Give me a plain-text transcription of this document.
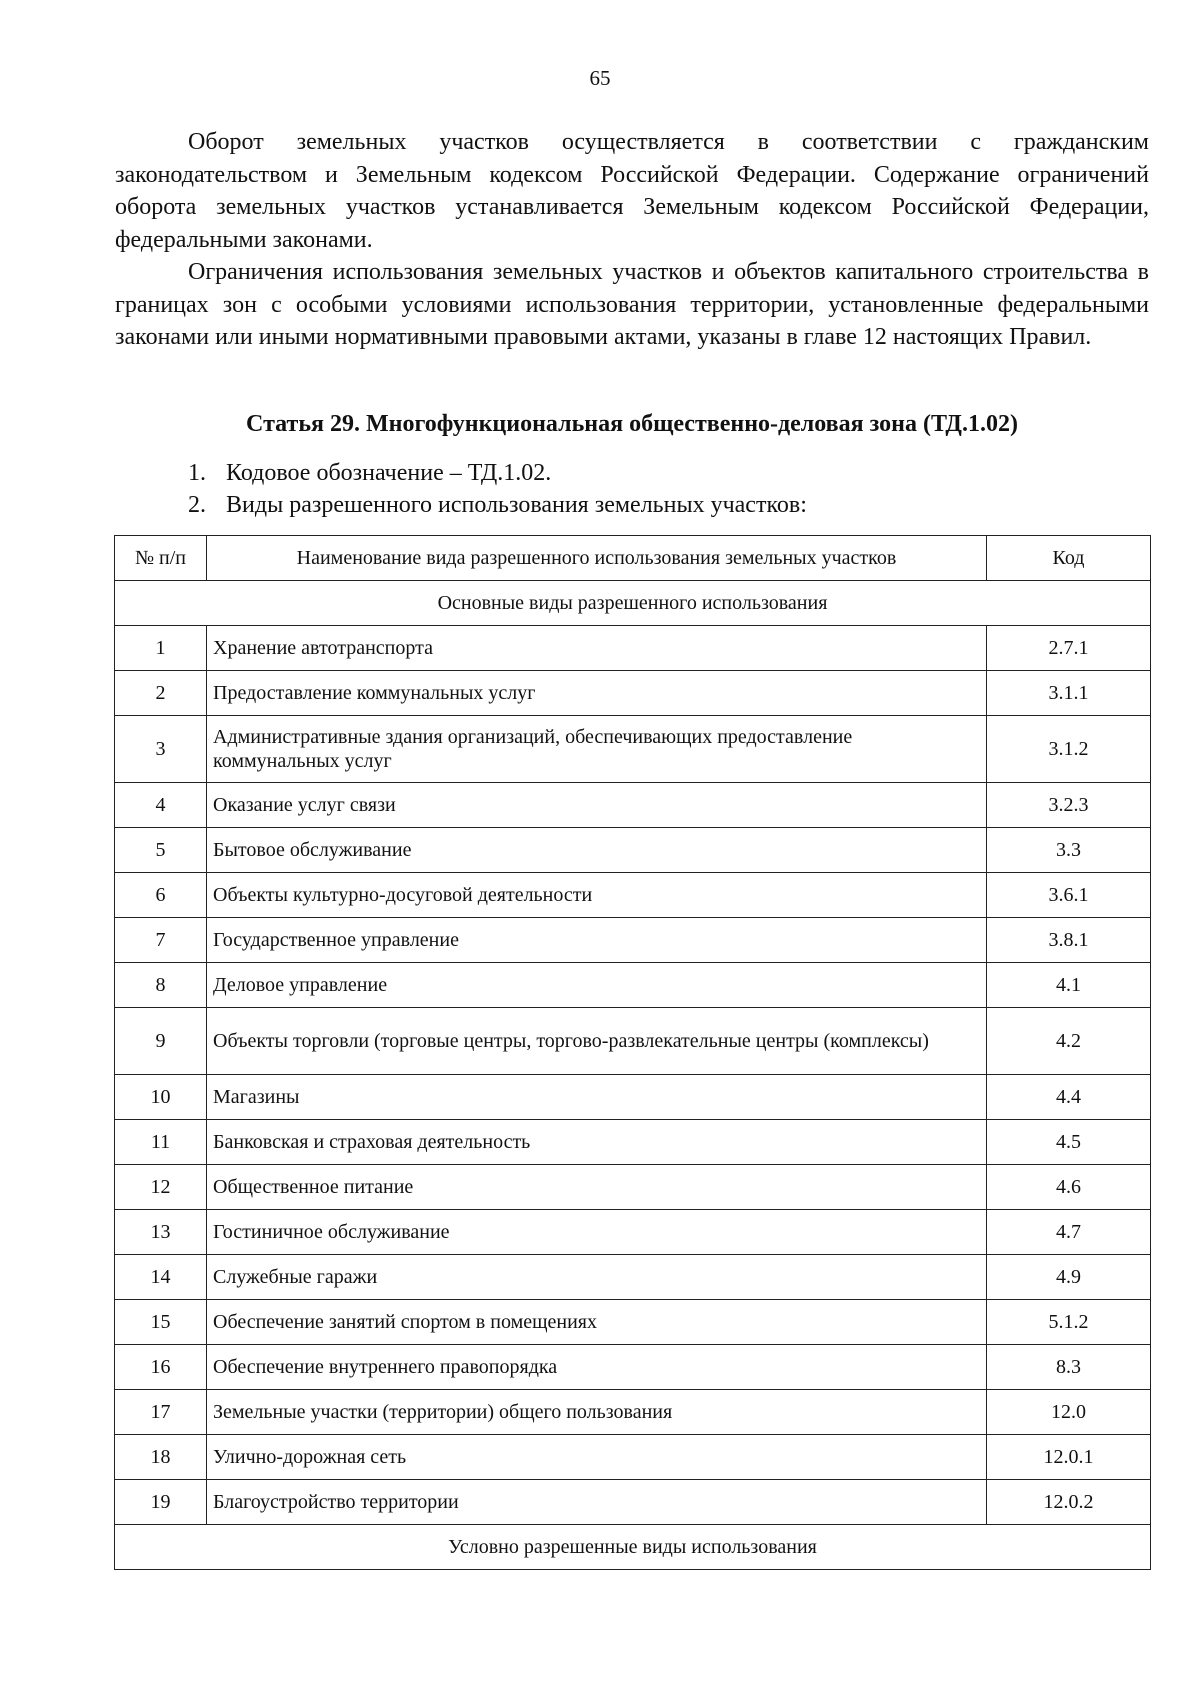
65

Оборот земельных участков осуществляется в соответствии с гражданским законодательством и Земельным кодексом Российской Федерации. Содержание ограничений оборота земельных участков устанавливается Земельным кодексом Российской Федерации, федеральными законами.

Ограничения использования земельных участков и объектов капитального строительства в границах зон с особыми условиями использования территории, установленные федеральными законами или иными нормативными правовыми актами, указаны в главе 12 настоящих Правил.

Статья 29. Многофункциональная общественно-деловая зона (ТД.1.02)
1. Кодовое обозначение – ТД.1.02.
2. Виды разрешенного использования земельных участков:
№ п/п	Наименование вида разрешенного использования земельных участков	Код
Основные виды разрешенного использования		
1	Хранение автотранспорта	2.7.1
2	Предоставление коммунальных услуг	3.1.1
3	Административные здания организаций, обеспечивающих предоставление коммунальных услуг	3.1.2
4	Оказание услуг связи	3.2.3
5	Бытовое обслуживание	3.3
6	Объекты культурно-досуговой деятельности	3.6.1
7	Государственное управление	3.8.1
8	Деловое управление	4.1
9	Объекты торговли (торговые центры, торгово-развлекательные центры (комплексы)	4.2
10	Магазины	4.4
11	Банковская и страховая деятельность	4.5
12	Общественное питание	4.6
13	Гостиничное обслуживание	4.7
14	Служебные гаражи	4.9
15	Обеспечение занятий спортом в помещениях	5.1.2
16	Обеспечение внутреннего правопорядка	8.3
17	Земельные участки (территории) общего пользования	12.0
18	Улично-дорожная сеть	12.0.1
19	Благоустройство территории	12.0.2
Условно разрешенные виды использования		
